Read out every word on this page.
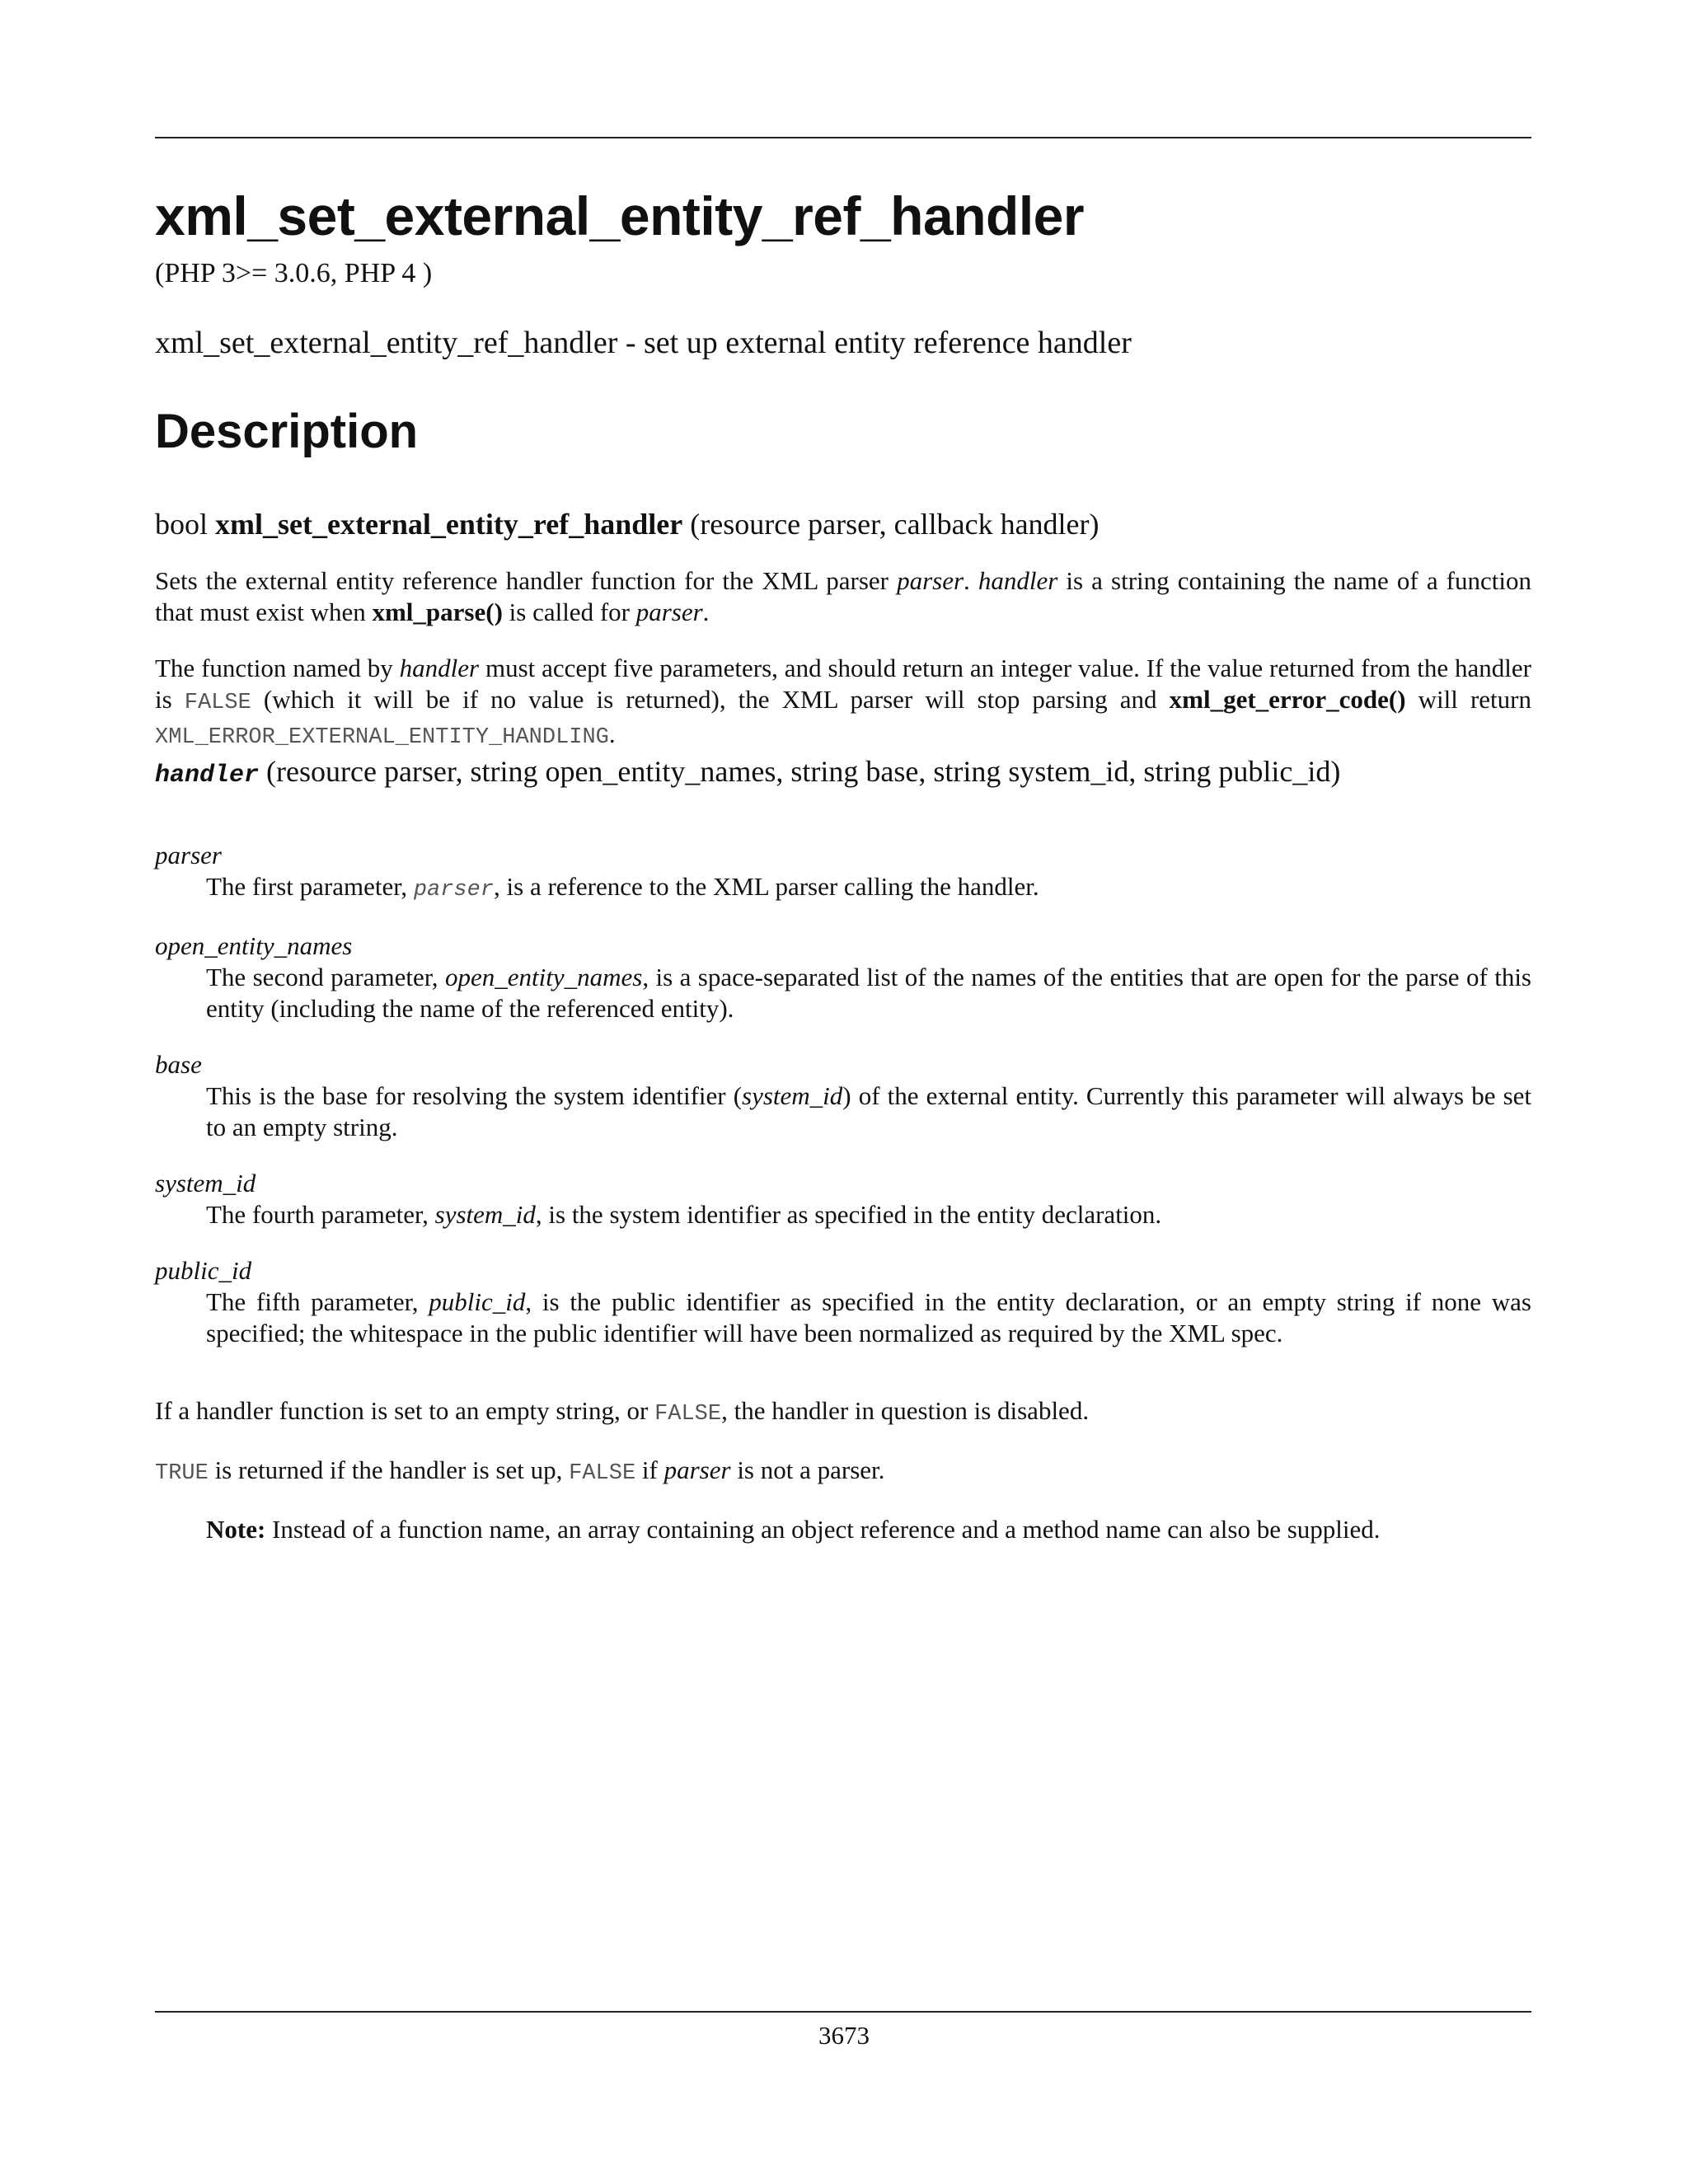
xml_set_external_entity_ref_handler
(PHP 3>= 3.0.6, PHP 4 )
xml_set_external_entity_ref_handler - set up external entity reference handler
Description
bool xml_set_external_entity_ref_handler (resource parser, callback handler)

Sets the external entity reference handler function for the XML parser parser. handler is a string containing the name of a function that must exist when xml_parse() is called for parser.

The function named by handler must accept five parameters, and should return an integer value. If the value returned from the handler is FALSE (which it will be if no value is returned), the XML parser will stop parsing and xml_get_error_code() will return XML_ERROR_EXTERNAL_ENTITY_HANDLING.

handler (resource parser, string open_entity_names, string base, string system_id, string public_id)
parser
The first parameter, parser, is a reference to the XML parser calling the handler.
open_entity_names
The second parameter, open_entity_names, is a space-separated list of the names of the entities that are open for the parse of this entity (including the name of the referenced entity).
base
This is the base for resolving the system identifier (system_id) of the external entity. Currently this parameter will always be set to an empty string.
system_id
The fourth parameter, system_id, is the system identifier as specified in the entity declaration.
public_id
The fifth parameter, public_id, is the public identifier as specified in the entity declaration, or an empty string if none was specified; the whitespace in the public identifier will have been normalized as required by the XML spec.

If a handler function is set to an empty string, or FALSE, the handler in question is disabled.

TRUE is returned if the handler is set up, FALSE if parser is not a parser.

Note: Instead of a function name, an array containing an object reference and a method name can also be supplied.

3673
